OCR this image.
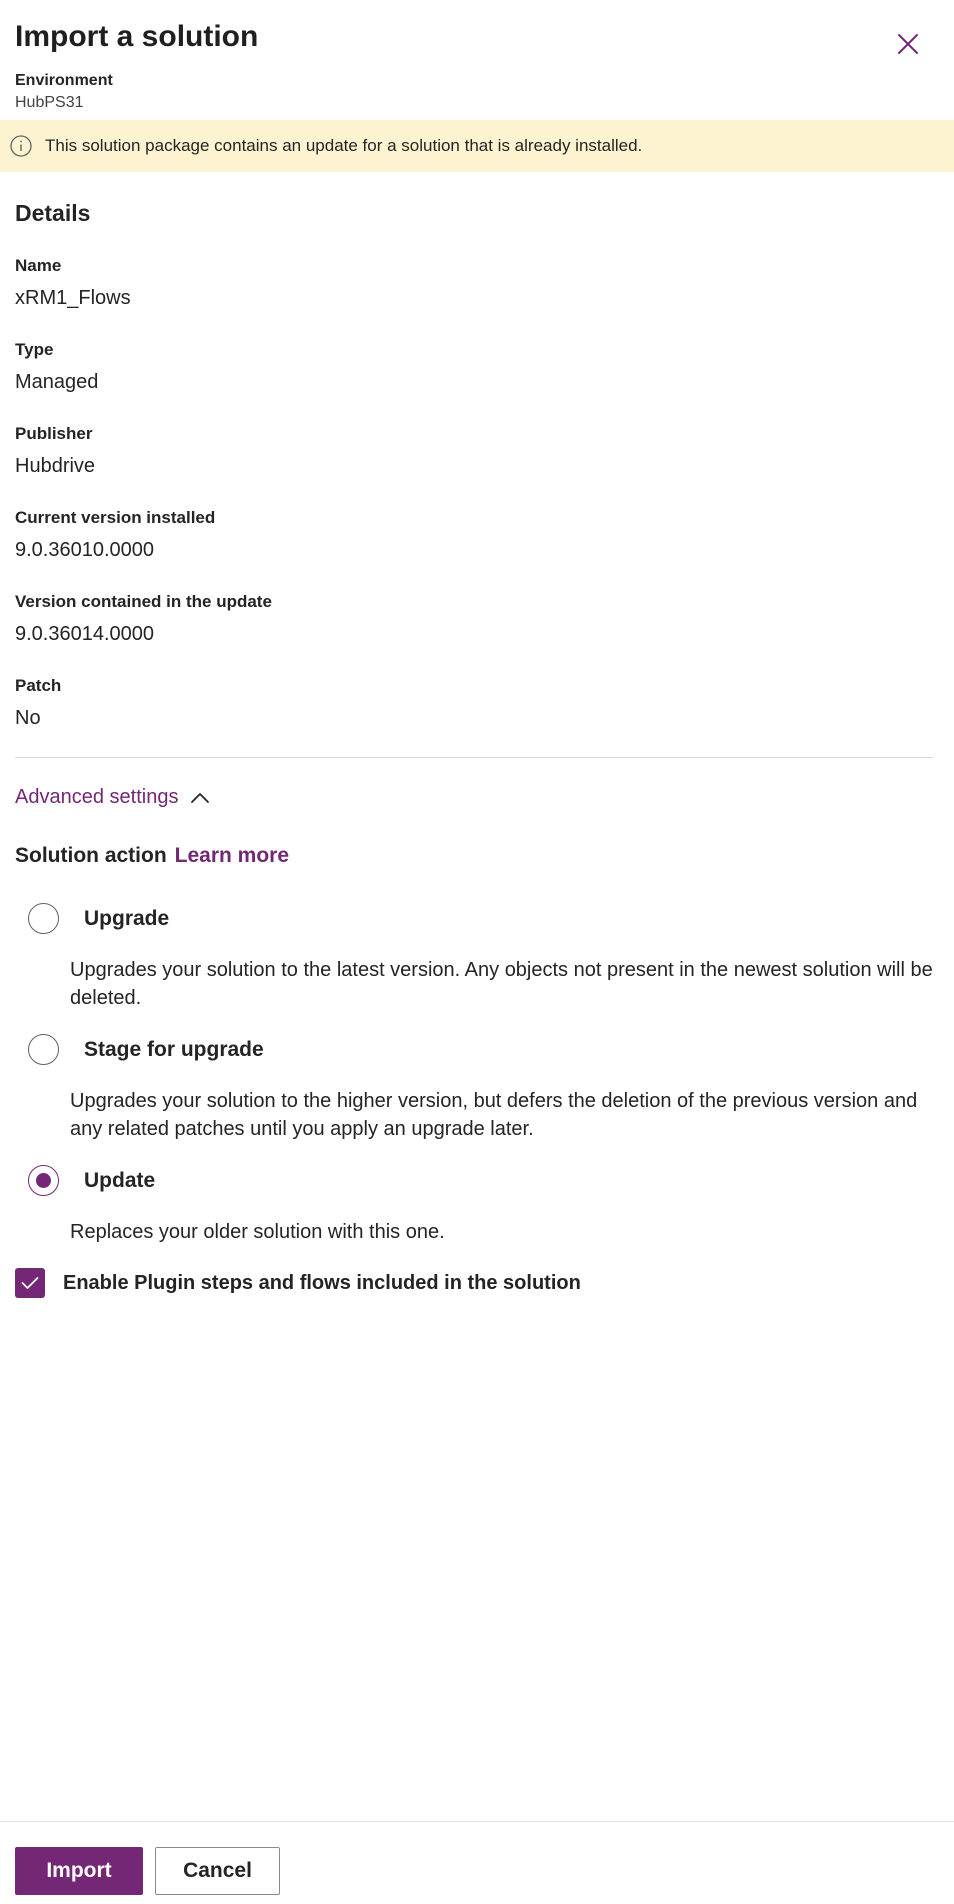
Import a solution
Environment
HubPS31
This solution package contains an update for a solution that is already installed.
Details
Name
xRM1_Flows
Type
Managed
Publisher
Hubdrive
Current version installed
9.0.36010.0000
Version contained in the update
9.0.36014.0000
Patch
No
Advanced settings
Solution action Learn more
Upgrade
Upgrades your solution to the latest version. Any objects not present in the newest solution will be deleted.
Stage for upgrade
Upgrades your solution to the higher version, but defers the deletion of the previous version and any related patches until you apply an upgrade later.
Update
Replaces your older solution with this one.
Enable Plugin steps and flows included in the solution
Import	Cancel
